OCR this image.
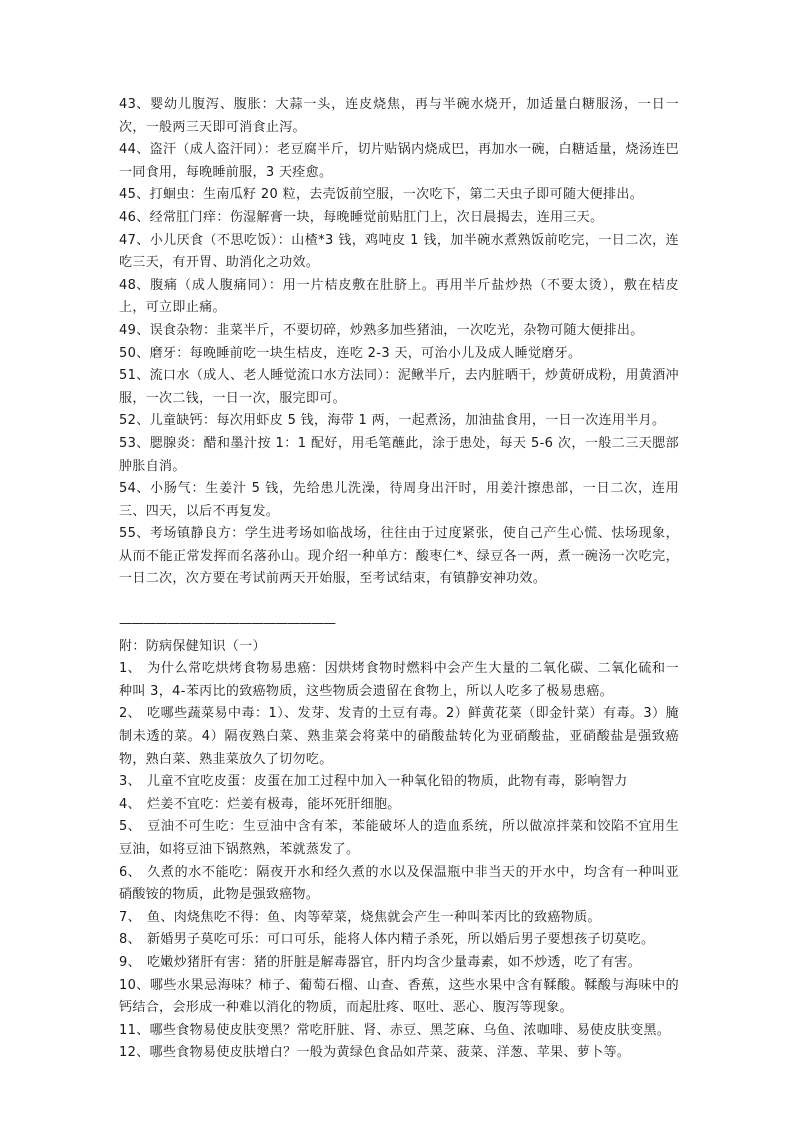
43、婴幼儿腹泻、腹胀：大蒜一头，连皮烧焦，再与半碗水烧开，加适量白糖服汤，一日一次，一般两三天即可消食止泻。

44、盗汗（成人盗汗同）：老豆腐半斤，切片贴锅内烧成巴，再加水一碗，白糖适量，烧汤连巴一同食用，每晚睡前服，3 天痊愈。

45、打蛔虫：生南瓜籽 20 粒，去壳饭前空服，一次吃下，第二天虫子即可随大便排出。

46、经常肛门痒：伤湿解膏一块，每晚睡觉前贴肛门上，次日晨揭去，连用三天。

47、小儿厌食（不思吃饭）：山楂*3 钱，鸡吨皮 1 钱，加半碗水煮熟饭前吃完，一日二次，连吃三天，有开胃、助消化之功效。

48、腹痛（成人腹痛同）：用一片桔皮敷在肚脐上。再用半斤盐炒热（不要太烫），敷在桔皮上，可立即止痛。

49、误食杂物：韭菜半斤，不要切碎，炒熟多加些猪油，一次吃光，杂物可随大便排出。

50、磨牙：每晚睡前吃一块生桔皮，连吃 2-3 天，可治小儿及成人睡觉磨牙。

51、流口水（成人、老人睡觉流口水方法同）：泥鳅半斤，去内脏晒干，炒黄研成粉，用黄酒冲服，一次二钱，一日一次，服完即可。

52、儿童缺钙：每次用虾皮 5 钱，海带 1 两，一起煮汤，加油盐食用，一日一次连用半月。

53、腮腺炎：醋和墨汁按 1：1 配好，用毛笔蘸此，涂于患处，每天 5-6 次，一般二三天腮部肿胀自消。

54、小肠气：生姜汁 5 钱，先给患儿洗澡，待周身出汗时，用姜汁擦患部，一日二次，连用三、四天，以后不再复发。

55、考场镇静良方：学生进考场如临战场，往往由于过度紧张，使自己产生心慌、怯场现象，从而不能正常发挥而名落孙山。现介绍一种单方：酸枣仁*、绿豆各一两，煮一碗汤一次吃完，一日二次，次方要在考试前两天开始服，至考试结束，有镇静安神功效。

——————————————————

附：防病保健知识（一）

1、 为什么常吃烘烤食物易患癌：因烘烤食物时燃料中会产生大量的二氧化碳、二氧化硫和一种叫 3，4-苯丙比的致癌物质，这些物质会遗留在食物上，所以人吃多了极易患癌。

2、 吃哪些蔬菜易中毒：1）、发芽、发青的土豆有毒。2）鲜黄花菜（即金针菜）有毒。3）腌制未透的菜。4）隔夜熟白菜、熟韭菜会将菜中的硝酸盐转化为亚硝酸盐，亚硝酸盐是强致癌物，熟白菜、熟韭菜放久了切勿吃。

3、 儿童不宜吃皮蛋：皮蛋在加工过程中加入一种氧化铅的物质，此物有毒，影响智力

4、 烂姜不宜吃：烂姜有极毒，能坏死肝细胞。

5、 豆油不可生吃：生豆油中含有苯，苯能破坏人的造血系统，所以做凉拌菜和饺陷不宜用生豆油，如将豆油下锅熬熟，苯就蒸发了。

6、 久煮的水不能吃：隔夜开水和经久煮的水以及保温瓶中非当天的开水中，均含有一种叫亚硝酸铵的物质，此物是强致癌物。

7、 鱼、肉烧焦吃不得：鱼、肉等荤菜，烧焦就会产生一种叫苯丙比的致癌物质。

8、 新婚男子莫吃可乐：可口可乐，能将人体内精子杀死，所以婚后男子要想孩子切莫吃。

9、 吃嫩炒猪肝有害：猪的肝脏是解毒器官，肝内均含少量毒素，如不炒透，吃了有害。

10、哪些水果忌海味？柿子、葡萄石榴、山查、香蕉，这些水果中含有鞣酸。鞣酸与海味中的钙结合，会形成一种难以消化的物质，而起肚疼、呕吐、恶心、腹泻等现象。

11、哪些食物易使皮肤变黑？常吃肝脏、肾、赤豆、黑芝麻、乌鱼、浓咖啡、易使皮肤变黑。

12、哪些食物易使皮肤增白？一般为黄绿色食品如芹菜、菠菜、洋葱、苹果、萝卜等。
